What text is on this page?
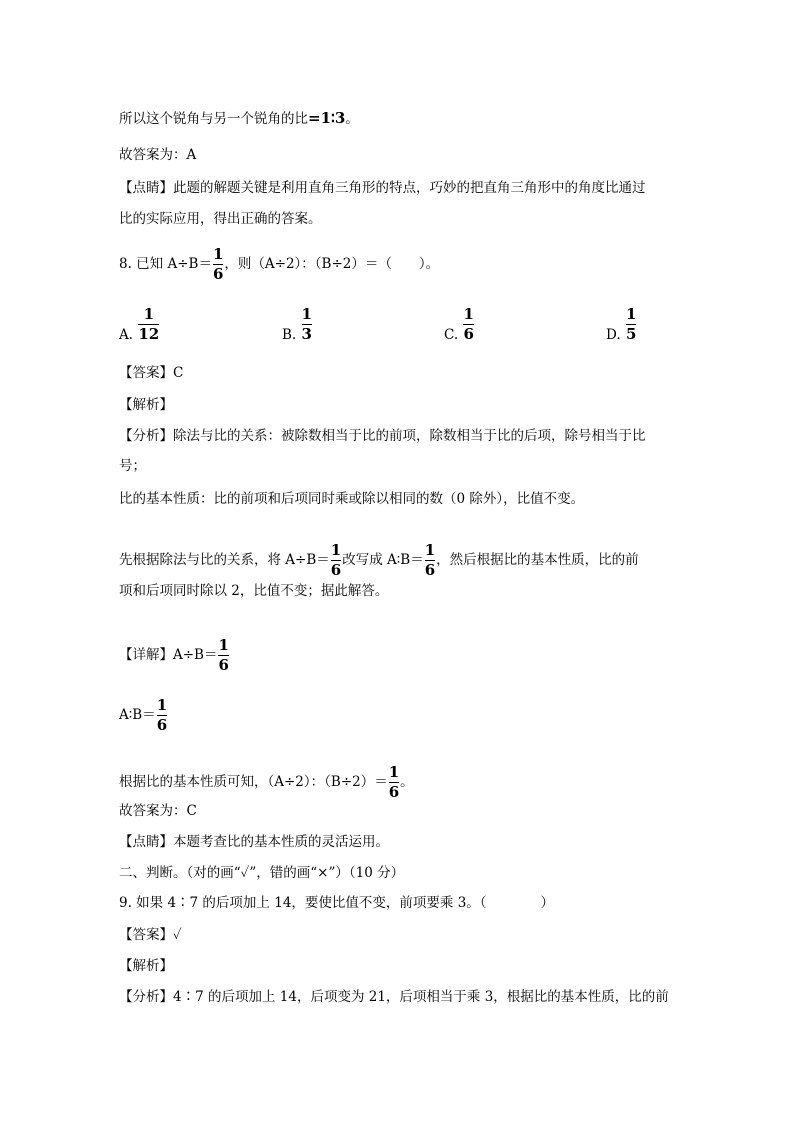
所以这个锐角与另一个锐角的比=1∶3。
故答案为：A
【点睛】此题的解题关键是利用直角三角形的特点，巧妙的把直角三角形中的角度比通过
比的实际应用，得出正确的答案。
8. 已知 $A\div B= \frac{1}{6}$ ，则（A÷2）：（B÷2）＝（　　）。
A. $\frac{1}{12}$	B. $\frac{1}{3}$	C. $\frac{1}{6}$	D. $\frac{1}{5}$
【答案】C
【解析】
【分析】除法与比的关系：被除数相当于比的前项，除数相当于比的后项，除号相当于比
号；
比的基本性质：比的前项和后项同时乘或除以相同的数（0 除外），比值不变。
先根据除法与比的关系，将 $A\div B= \frac{1}{6}$ 改写成 A∶B＝ $\frac{1}{6}$ ，然后根据比的基本性质，比的前
项和后项同时除以 2，比值不变；据此解答。
【详解】$A\div B= \frac{1}{6}$
A∶B＝ $\frac{1}{6}$
根据比的基本性质可知，（A÷2）：$(B\div 2)= \frac{1}{6}$ 。
故答案为：C
【点睛】本题考查比的基本性质的灵活运用。
二、判断。（对的画“✓”，错的画“×”）（10 分）
9. 如果 4∶7 的后项加上 14，要使比值不变，前项要乘 3。（　　　　）
【答案】✓
【解析】
【分析】4∶7 的后项加上 14，后项变为 21，后项相当于乘 3，根据比的基本性质，比的前
